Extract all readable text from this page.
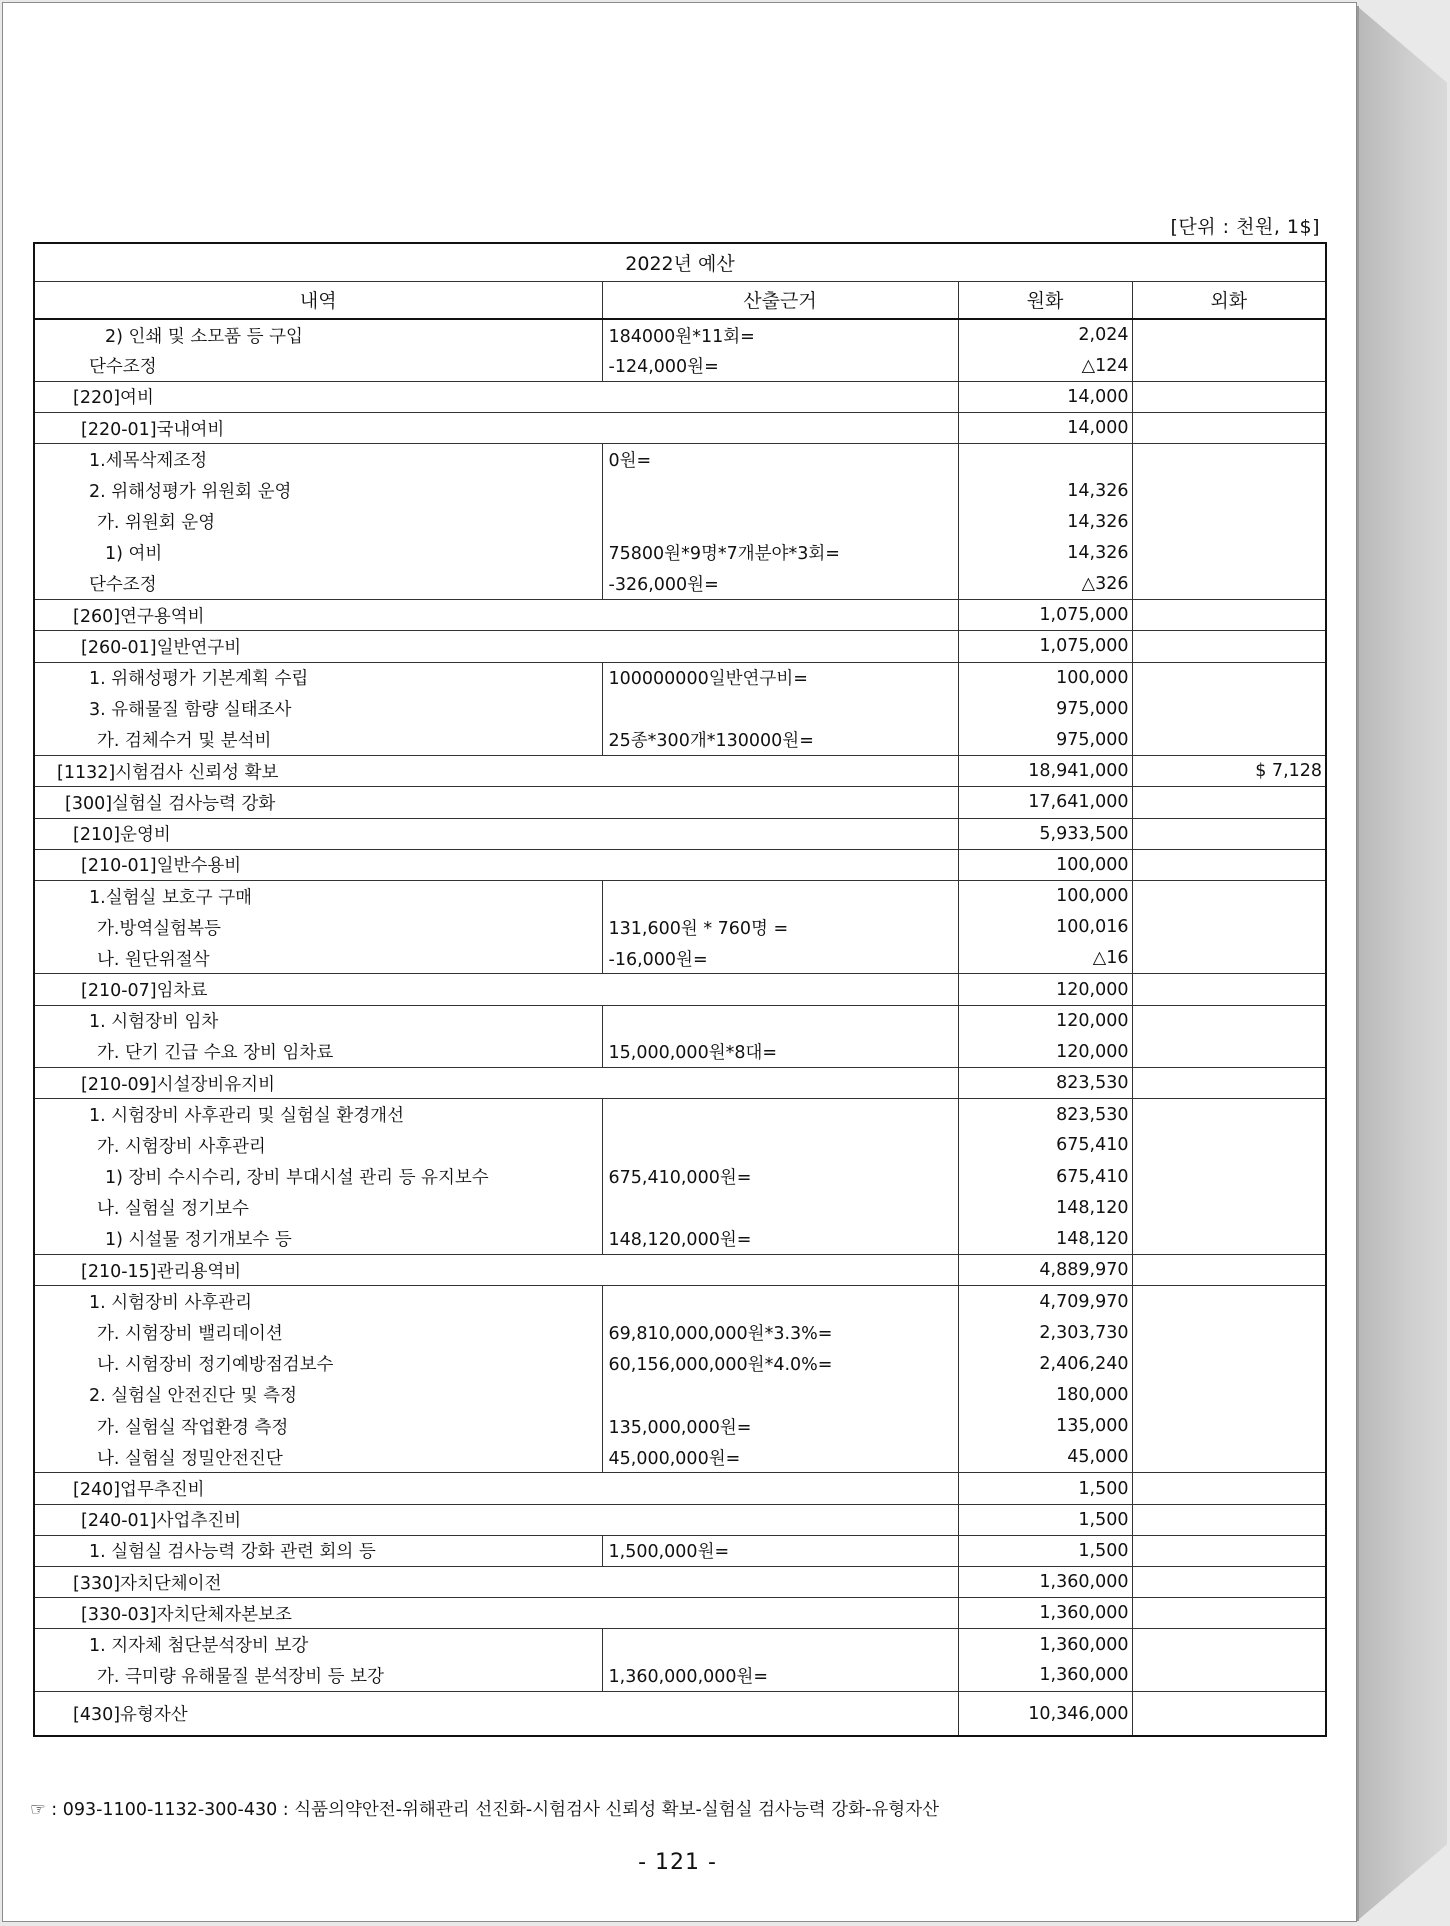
[단위 : 천원, 1$]
2022년 예산			
내역	산출근거	원화	외화
2) 인쇄 및 소모품 등 구입	184000원*11회=	2,024	
단수조정	-124,000원=	△124	
[220]여비		14,000	
[220-01]국내여비		14,000	
1.세목삭제조정	0원=		
2. 위해성평가 위원회 운영		14,326	
가. 위원회 운영		14,326	
1) 여비	75800원*9명*7개분야*3회=	14,326	
단수조정	-326,000원=	△326	
[260]연구용역비		1,075,000	
[260-01]일반연구비		1,075,000	
1. 위해성평가 기본계획 수립	100000000일반연구비=	100,000	
3. 유해물질 함량 실태조사		975,000	
가. 검체수거 및 분석비	25종*300개*130000원=	975,000	
[1132]시험검사 신뢰성 확보		18,941,000	$ 7,128
[300]실험실 검사능력 강화		17,641,000	
[210]운영비		5,933,500	
[210-01]일반수용비		100,000	
1.실험실 보호구 구매		100,000	
가.방역실험복등	131,600원 * 760명 =	100,016	
나. 원단위절삭	-16,000원=	△16	
[210-07]임차료		120,000	
1. 시험장비 임차		120,000	
가. 단기 긴급 수요 장비 임차료	15,000,000원*8대=	120,000	
[210-09]시설장비유지비		823,530	
1. 시험장비 사후관리 및 실험실 환경개선		823,530	
가. 시험장비 사후관리		675,410	
1) 장비 수시수리, 장비 부대시설 관리 등 유지보수	675,410,000원=	675,410	
나. 실험실 정기보수		148,120	
1) 시설물 정기개보수 등	148,120,000원=	148,120	
[210-15]관리용역비		4,889,970	
1. 시험장비 사후관리		4,709,970	
가. 시험장비 밸리데이션	69,810,000,000원*3.3%=	2,303,730	
나. 시험장비 정기예방점검보수	60,156,000,000원*4.0%=	2,406,240	
2. 실험실 안전진단 및 측정		180,000	
가. 실험실 작업환경 측정	135,000,000원=	135,000	
나. 실험실 정밀안전진단	45,000,000원=	45,000	
[240]업무추진비		1,500	
[240-01]사업추진비		1,500	
1. 실험실 검사능력 강화 관련 회의 등	1,500,000원=	1,500	
[330]자치단체이전		1,360,000	
[330-03]자치단체자본보조		1,360,000	
1. 지자체 첨단분석장비 보강		1,360,000	
가. 극미량 유해물질 분석장비 등 보강	1,360,000,000원=	1,360,000	
[430]유형자산		10,346,000	
☞ : 093-1100-1132-300-430 : 식품의약안전-위해관리 선진화-시험검사 신뢰성 확보-실험실 검사능력 강화-유형자산
- 121 -
